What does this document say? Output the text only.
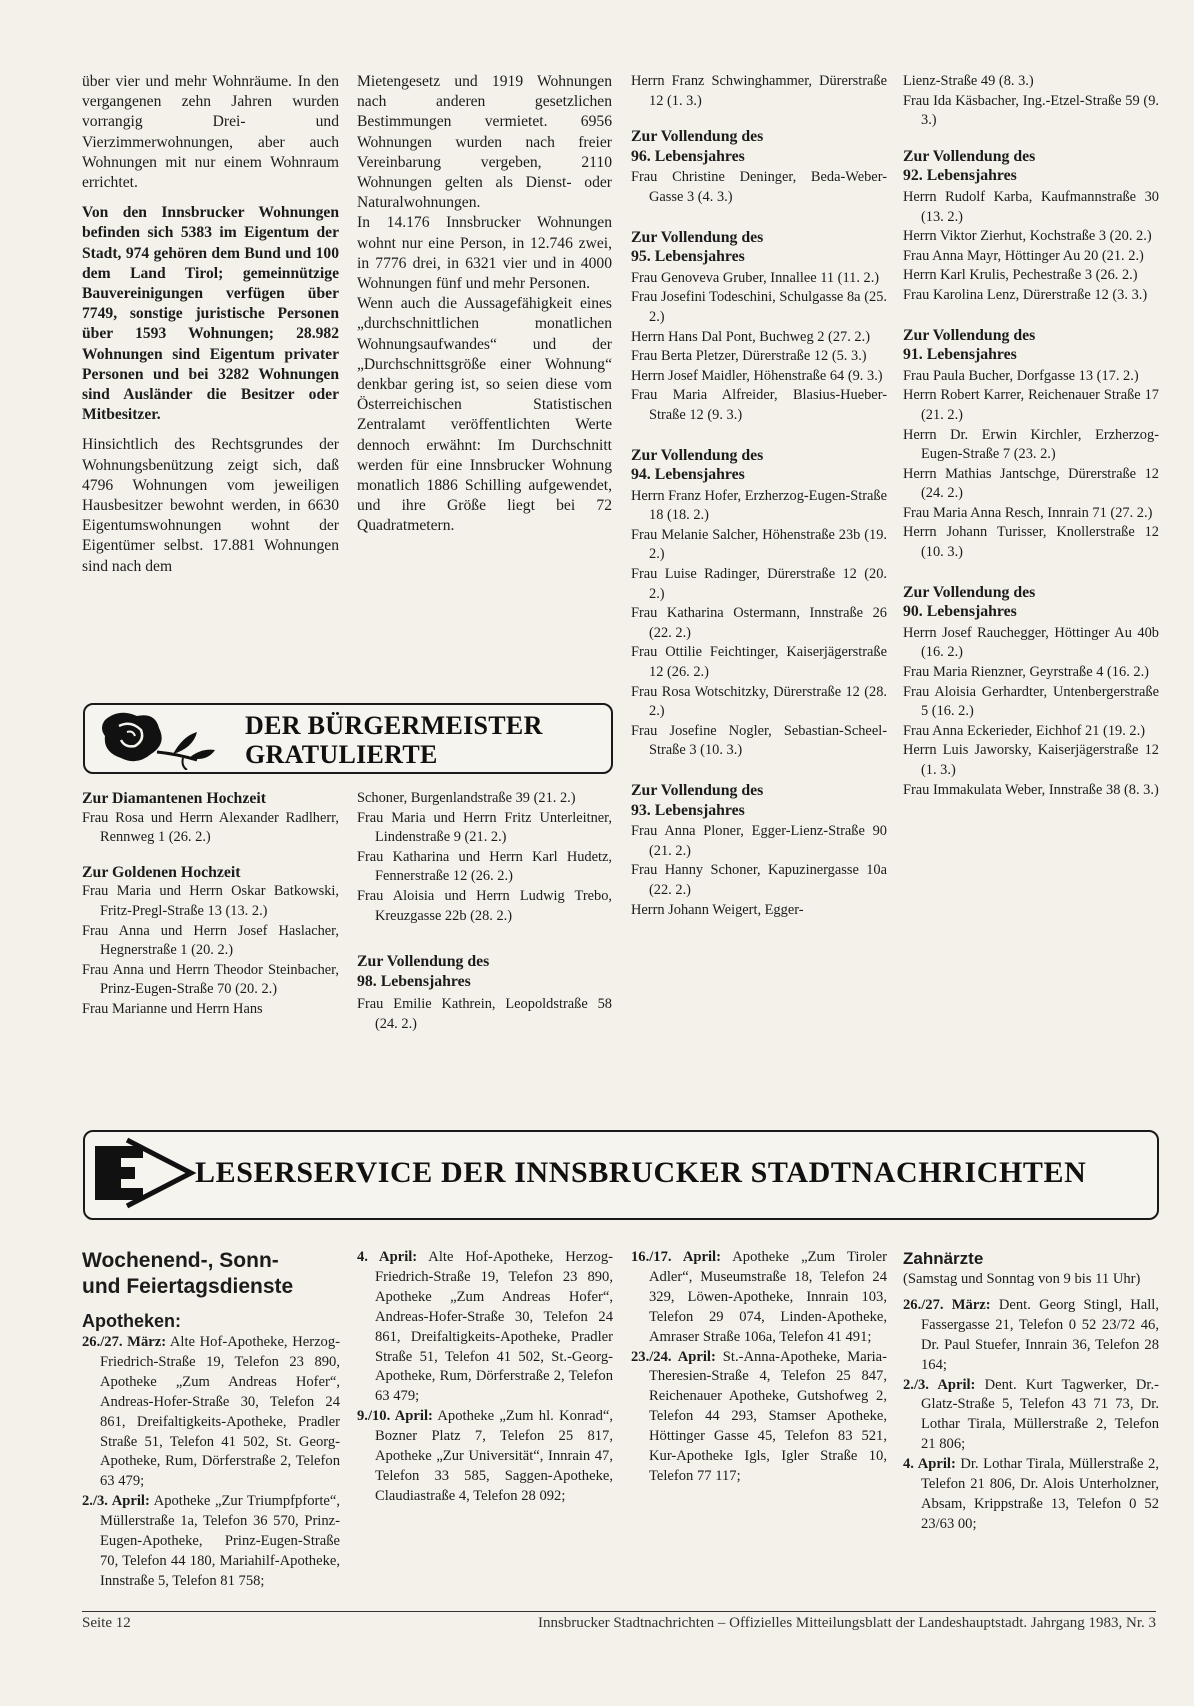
über vier und mehr Wohnräume. In den vergangenen zehn Jahren wurden vorrangig Drei- und Vierzimmerwohnungen, aber auch Wohnungen mit nur einem Wohnraum errichtet.

Von den Innsbrucker Wohnungen befinden sich 5383 im Eigentum der Stadt, 974 gehören dem Bund und 100 dem Land Tirol; gemeinnützige Bauvereinigungen verfügen über 7749, sonstige juristische Personen über 1593 Wohnungen; 28.982 Wohnungen sind Eigentum privater Personen und bei 3282 Wohnungen sind Ausländer die Besitzer oder Mitbesitzer.

Hinsichtlich des Rechtsgrundes der Wohnungsbenützung zeigt sich, daß 4796 Wohnungen vom jeweiligen Hausbesitzer bewohnt werden, in 6630 Eigentumswohnungen wohnt der Eigentümer selbst. 17.881 Wohnungen sind nach dem

Mietengesetz und 1919 Wohnungen nach anderen gesetzlichen Bestimmungen vermietet. 6956 Wohnungen wurden nach freier Vereinbarung vergeben, 2110 Wohnungen gelten als Dienst- oder Naturalwohnungen.

In 14.176 Innsbrucker Wohnungen wohnt nur eine Person, in 12.746 zwei, in 7776 drei, in 6321 vier und in 4000 Wohnungen fünf und mehr Personen.

Wenn auch die Aussagefähigkeit eines „durchschnittlichen monatlichen Wohnungsaufwandes“ und der „Durchschnittsgröße einer Wohnung“ denkbar gering ist, so seien diese vom Österreichischen Statistischen Zentralamt veröffentlichten Werte dennoch erwähnt: Im Durchschnitt werden für eine Innsbrucker Wohnung monatlich 1886 Schilling aufgewendet, und ihre Größe liegt bei 72 Quadratmetern.

DER BÜRGERMEISTER
GRATULIERTE
Zur Diamantenen Hochzeit

Frau Rosa und Herrn Alexander Radlherr, Rennweg 1 (26. 2.)

Zur Goldenen Hochzeit

Frau Maria und Herrn Oskar Batkowski, Fritz-Pregl-Straße 13 (13. 2.)

Frau Anna und Herrn Josef Haslacher, Hegnerstraße 1 (20. 2.)

Frau Anna und Herrn Theodor Steinbacher, Prinz-Eugen-Straße 70 (20. 2.)

Frau Marianne und Herrn Hans

Schoner, Burgenlandstraße 39 (21. 2.)

Frau Maria und Herrn Fritz Unterleitner, Lindenstraße 9 (21. 2.)

Frau Katharina und Herrn Karl Hudetz, Fennerstraße 12 (26. 2.)

Frau Aloisia und Herrn Ludwig Trebo, Kreuzgasse 22b (28. 2.)

Zur Vollendung des
98. Lebensjahres

Frau Emilie Kathrein, Leopoldstraße 58 (24. 2.)

Herrn Franz Schwinghammer, Dürerstraße 12 (1. 3.)

Zur Vollendung des
96. Lebensjahres

Frau Christine Deninger, Beda-Weber-Gasse 3 (4. 3.)

Zur Vollendung des
95. Lebensjahres

Frau Genoveva Gruber, Innallee 11 (11. 2.)

Frau Josefini Todeschini, Schulgasse 8a (25. 2.)

Herrn Hans Dal Pont, Buchweg 2 (27. 2.)

Frau Berta Pletzer, Dürerstraße 12 (5. 3.)

Herrn Josef Maidler, Höhenstraße 64 (9. 3.)

Frau Maria Alfreider, Blasius-Hueber-Straße 12 (9. 3.)

Zur Vollendung des
94. Lebensjahres

Herrn Franz Hofer, Erzherzog-Eugen-Straße 18 (18. 2.)

Frau Melanie Salcher, Höhenstraße 23b (19. 2.)

Frau Luise Radinger, Dürerstraße 12 (20. 2.)

Frau Katharina Ostermann, Innstraße 26 (22. 2.)

Frau Ottilie Feichtinger, Kaiserjägerstraße 12 (26. 2.)

Frau Rosa Wotschitzky, Dürerstraße 12 (28. 2.)

Frau Josefine Nogler, Sebastian-Scheel-Straße 3 (10. 3.)

Zur Vollendung des
93. Lebensjahres

Frau Anna Ploner, Egger-Lienz-Straße 90 (21. 2.)

Frau Hanny Schoner, Kapuzinergasse 10a (22. 2.)

Herrn Johann Weigert, Egger-

Lienz-Straße 49 (8. 3.)

Frau Ida Käsbacher, Ing.-Etzel-Straße 59 (9. 3.)

Zur Vollendung des
92. Lebensjahres

Herrn Rudolf Karba, Kaufmannstraße 30 (13. 2.)

Herrn Viktor Zierhut, Kochstraße 3 (20. 2.)

Frau Anna Mayr, Höttinger Au 20 (21. 2.)

Herrn Karl Krulis, Pechestraße 3 (26. 2.)

Frau Karolina Lenz, Dürerstraße 12 (3. 3.)

Zur Vollendung des
91. Lebensjahres

Frau Paula Bucher, Dorfgasse 13 (17. 2.)

Herrn Robert Karrer, Reichenauer Straße 17 (21. 2.)

Herrn Dr. Erwin Kirchler, Erzherzog-Eugen-Straße 7 (23. 2.)

Herrn Mathias Jantschge, Dürerstraße 12 (24. 2.)

Frau Maria Anna Resch, Innrain 71 (27. 2.)

Herrn Johann Turisser, Knollerstraße 12 (10. 3.)

Zur Vollendung des
90. Lebensjahres

Herrn Josef Rauchegger, Höttinger Au 40b (16. 2.)

Frau Maria Rienzner, Geyrstraße 4 (16. 2.)

Frau Aloisia Gerhardter, Untenbergerstraße 5 (16. 2.)

Frau Anna Eckerieder, Eichhof 21 (19. 2.)

Herrn Luis Jaworsky, Kaiserjägerstraße 12 (1. 3.)

Frau Immakulata Weber, Innstraße 38 (8. 3.)

LESERSERVICE DER INNSBRUCKER STADTNACHRICHTEN
Wochenend-, Sonn-
und Feiertagsdienste
Apotheken:

26./27. März: Alte Hof-Apotheke, Herzog-Friedrich-Straße 19, Telefon 23 890, Apotheke „Zum Andreas Hofer“, Andreas-Hofer-Straße 30, Telefon 24 861, Dreifaltigkeits-Apotheke, Pradler Straße 51, Telefon 41 502, St. Georg-Apotheke, Rum, Dörferstraße 2, Telefon 63 479;

2./3. April: Apotheke „Zur Triumpfpforte“, Müllerstraße 1a, Telefon 36 570, Prinz-Eugen-Apotheke, Prinz-Eugen-Straße 70, Telefon 44 180, Mariahilf-Apotheke, Innstraße 5, Telefon 81 758;

4. April: Alte Hof-Apotheke, Herzog-Friedrich-Straße 19, Telefon 23 890, Apotheke „Zum Andreas Hofer“, Andreas-Hofer-Straße 30, Telefon 24 861, Dreifaltigkeits-Apotheke, Pradler Straße 51, Telefon 41 502, St.-Georg-Apotheke, Rum, Dörferstraße 2, Telefon 63 479;

9./10. April: Apotheke „Zum hl. Konrad“, Bozner Platz 7, Telefon 25 817, Apotheke „Zur Universität“, Innrain 47, Telefon 33 585, Saggen-Apotheke, Claudiastraße 4, Telefon 28 092;

16./17. April: Apotheke „Zum Tiroler Adler“, Museumstraße 18, Telefon 24 329, Löwen-Apotheke, Innrain 103, Telefon 29 074, Linden-Apotheke, Amraser Straße 106a, Telefon 41 491;

23./24. April: St.-Anna-Apotheke, Maria-Theresien-Straße 4, Telefon 25 847, Reichenauer Apotheke, Gutshofweg 2, Telefon 44 293, Stamser Apotheke, Höttinger Gasse 45, Telefon 83 521, Kur-Apotheke Igls, Igler Straße 10, Telefon 77 117;

Zahnärzte

(Samstag und Sonntag von 9 bis 11 Uhr)

26./27. März: Dent. Georg Stingl, Hall, Fassergasse 21, Telefon 0 52 23/72 46, Dr. Paul Stuefer, Innrain 36, Telefon 28 164;

2./3. April: Dent. Kurt Tagwerker, Dr.-Glatz-Straße 5, Telefon 43 71 73, Dr. Lothar Tirala, Müllerstraße 2, Telefon 21 806;

4. April: Dr. Lothar Tirala, Müllerstraße 2, Telefon 21 806, Dr. Alois Unterholzner, Absam, Krippstraße 13, Telefon 0 52 23/63 00;

Seite 12	Innsbrucker Stadtnachrichten – Offizielles Mitteilungsblatt der Landeshauptstadt. Jahrgang 1983, Nr. 3
